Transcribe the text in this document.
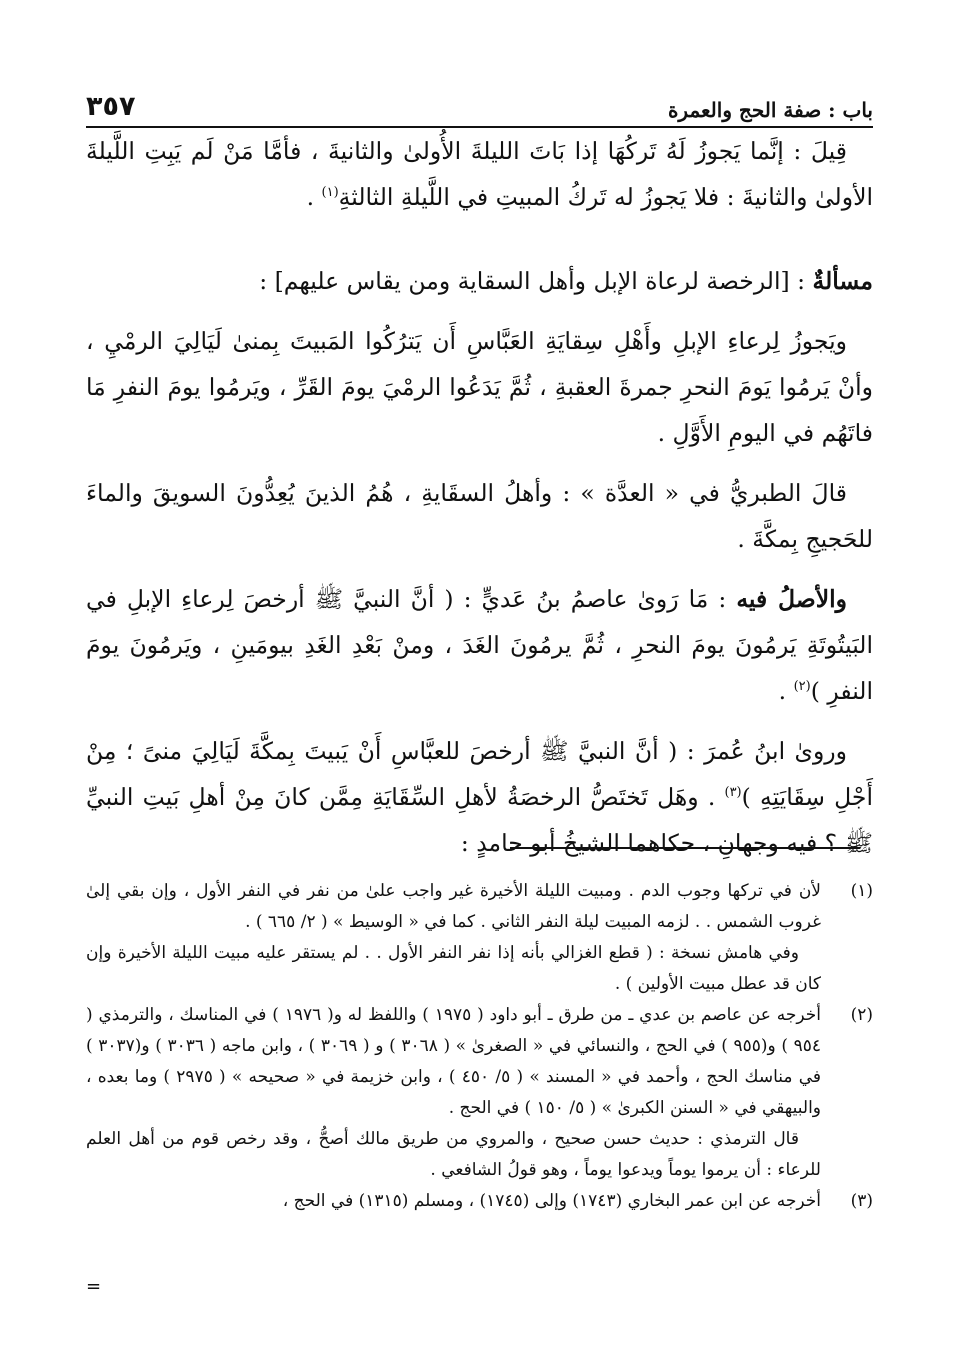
باب : صفة الحج والعمرة
٣٥٧

قِيلَ : إنَّما يَجوزُ لَهُ تَركُهَا إذا بَاتَ الليلةَ الأُولىٰ والثانيةَ ، فأمَّا مَنْ لَم يَبِتِ اللَّيلةَ الأولىٰ والثانيةَ : فلا يَجوزُ له تَركُ المبيتِ في اللَّيلةِ الثالثةِ$^{(١)}$ .

مسألةٌ : [الرخصة لرعاة الإبل وأهل السقاية ومن يقاس عليهم] :

ويَجوزُ لِرعاءِ الإبلِ وأَهْلِ سِقايَةِ العَبَّاسِ أَن يَترُكُوا المَبيتَ بِمنىٰ لَيَالِيَ الرمْيِ ، وأنْ يَرمُوا يَومَ النحرِ جمرةَ العقبةِ ، ثُمَّ يَدَعُوا الرمْيَ يومَ القَرِّ ، ويَرمُوا يومَ النفرِ مَا فاتَهُم في اليومِ الأَوَّلِ .

قالَ الطبريُّ في « العدَّة » : وأهلُ السقَايةِ ، هُمُ الذينَ يُعِدُّونَ السويقَ والماءَ للحَجيجِ بِمكَّةَ .

والأصلُ فيه : مَا رَوىٰ عاصمُ بنُ عَديٍّ : ( أنَّ النبيَّ ﷺ أرخصَ لِرعاءِ الإبلِ في البَيتُوتَةِ يَرمُونَ يومَ النحرِ ، ثُمَّ يرمُونَ الغَدَ ، ومنْ بَعْدِ الغَدِ بيومَينِ ، ويَرمُونَ يومَ النفرِ )$^{(٢)}$ .

وروىٰ ابنُ عُمرَ : ( أنَّ النبيَّ ﷺ أرخصَ للعبَّاسِ أَنْ يَبيتَ بِمكَّةَ لَيَالِيَ منىً ؛ مِنْ أَجْلِ سِقَايَتِهِ )$^{(٣)}$ . وهَل تَختَصُّ الرخصَةُ لأهلِ السِّقَايَةِ مِمَّن كانَ مِنْ أهلِ بَيتِ النبيِّ ﷺ ؟ فيه وجهانِ ، حكاهما الشيخُ أبو حامدٍ :

(١)

لأن في تركها وجوب الدم . ومبيت الليلة الأخيرة غير واجب علىٰ من نفر في النفر الأول ، وإن بقي إلىٰ غروب الشمس . . لزمه المبيت ليلة النفر الثاني . كما في « الوسيط » ( ٢/ ٦٦٥ ) .

وفي هامش نسخة : ( قطع الغزالي بأنه إذا نفر النفر الأول . . لم يستقر عليه مبيت الليلة الأخيرة وإن كان قد عطل مبيت الأولين ) .

(٢)

أخرجه عن عاصم بن عدي ـ من طرق ـ أبو داود ( ١٩٧٥ ) واللفظ له و( ١٩٧٦ ) في المناسك ، والترمذي ( ٩٥٤ ) و(٩٥٥ ) في الحج ، والنسائي في « الصغرىٰ » ( ٣٠٦٨ ) و ( ٣٠٦٩ ) ، وابن ماجه ( ٣٠٣٦ ) و(٣٠٣٧ ) في مناسك الحج ، وأحمد في « المسند » ( ٥/ ٤٥٠ ) ، وابن خزيمة في « صحيحه » ( ٢٩٧٥ ) وما بعده ، والبيهقي في « السنن الكبرىٰ » ( ٥/ ١٥٠ ) في الحج .

قال الترمذي : حديث حسن صحيح ، والمروي من طريق مالك أصحُّ ، وقد رخص قوم من أهل العلم للرعاء : أن يرموا يوماً ويدعوا يوماً ، وهو قولُ الشافعي .

(٣)

أخرجه عن ابن عمر البخاري (١٧٤٣) وإلى (١٧٤٥) ، ومسلم (١٣١٥) في الحج ،

=
